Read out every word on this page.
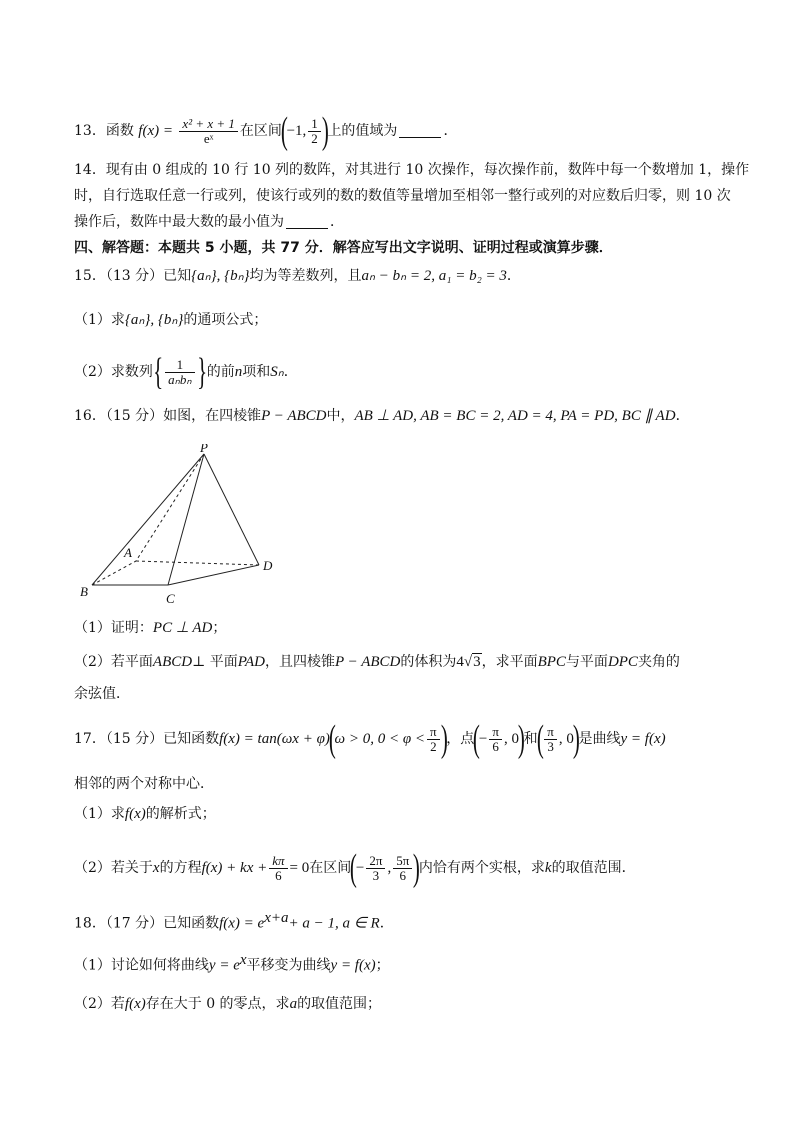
13．函数 $f(x) = \frac{\text{x² + x + 1}}{\text{eˣ}}$ 在区间(−1, $\frac{1}{2}$ )上的值域为	．
14．现有由 0 组成的 10 行 10 列的数阵，对其进行 10 次操作，每次操作前，数阵中每一个数增加 1，操作
时，自行选取任意一行或列，使该行或列的数的数值等量增加至相邻一整行或列的对应数后归零，则 10 次
操作后，数阵中最大数的最小值为	．
四、解答题：本题共 5 小题，共 77 分．解答应写出文字说明、证明过程或演算步骤．
15．（13 分）已知{aₙ}, {bₙ}均为等差数列，且aₙ − bₙ = 2, a₁ = b₂ = 3．
（1）求{aₙ}, {bₙ}的通项公式；
（2）求数列{ $\frac{1}{\text{aₙbₙ}}$ }的前n项和Sₙ．
16．（15 分）如图，在四棱锥P − ABCD中，AB ⊥ AD, AB = BC = 2, AD = 4, PA = PD, BC ∥ AD．
P
A
B	C
D
（1）证明：PC ⊥ AD；
（2）若平面ABCD⊥ 平面PAD，且四棱锥P − ABCD的体积为4√3，求平面BPC与平面DPC夹角的
余弦值．
17．（15 分）已知函数f(x) = tan(ωx + φ)(ω > 0, $0 < \varphi < \frac{\pi}{2}$ )，点(− $\frac{\pi}{6}$ , 0)和( $\frac{\pi}{3}$ , 0)是曲线y = f(x)
相邻的两个对称中心．
（1）求f(x)的解析式；
（2）若关于x的方程f(x) + kx + $\frac{k\pi}{6} = 0$在区间(− $\frac{2\pi}{3}$ , $\frac{5\pi}{6}$ )内恰有两个实根，求k的取值范围．
18．（17 分）已知函数$f(x) = e^{x+a}+ a - 1$, a ∈ R．
（1）讨论如何将曲线$y = e^x$平移变为曲线y = f(x)；
（2）若f(x)存在大于 0 的零点，求a的取值范围；
